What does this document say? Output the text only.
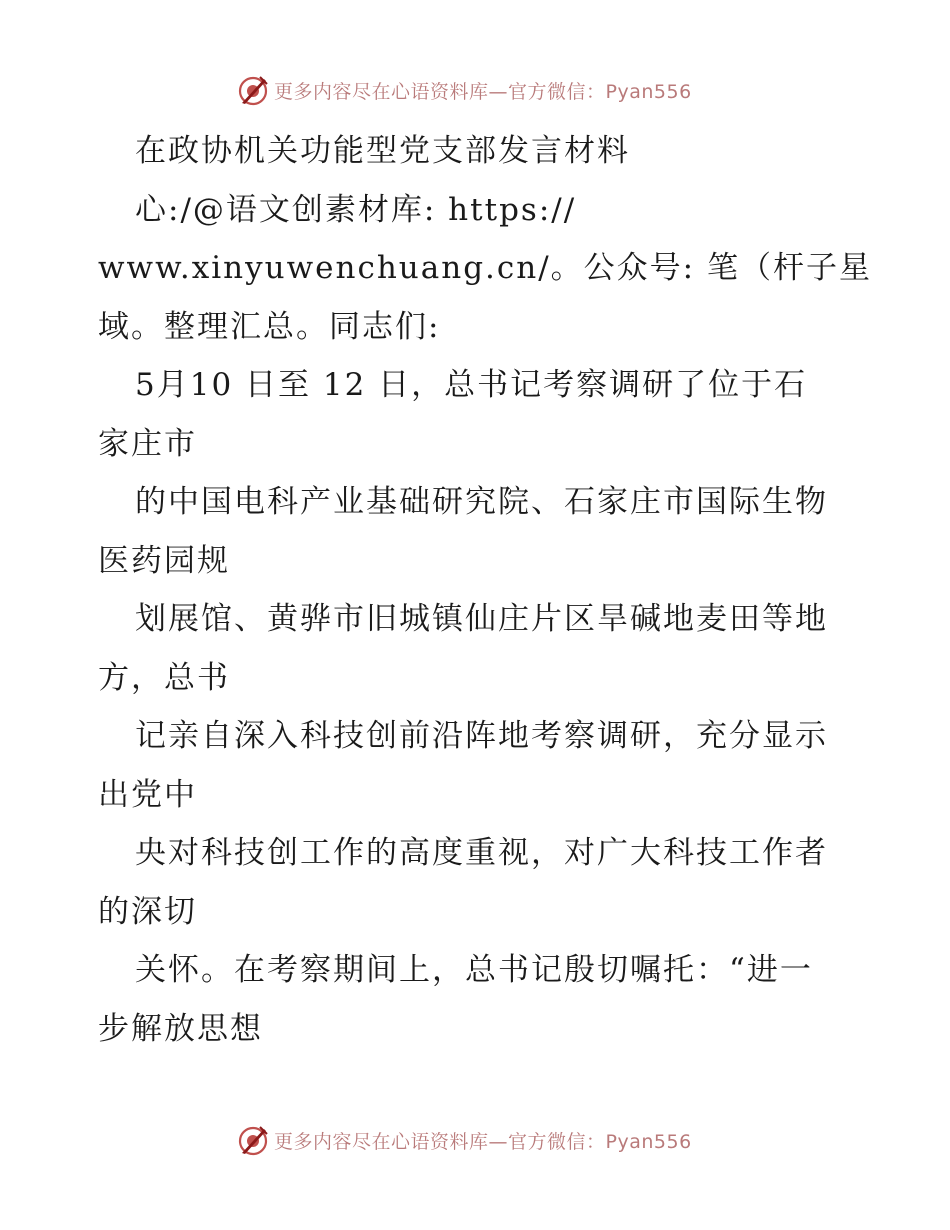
更多内容尽在心语资料库—官方微信：Pyan556
在政协机关功能型党支部发言材料
心:/@语文创素材库: https://
www.xinyuwenchuang.cn/。公众号: 笔（杆子星
域。整理汇总。同志们:
5月10 日至 12 日，总书记考察调研了位于石
家庄市
的中国电科产业基础研究院、石家庄市国际生物
医药园规
划展馆、黄骅市旧城镇仙庄片区旱碱地麦田等地
方，总书
记亲自深入科技创前沿阵地考察调研，充分显示
出党中
央对科技创工作的高度重视，对广大科技工作者
的深切
关怀。在考察期间上，总书记殷切嘱托：“进一
步解放思想
更多内容尽在心语资料库—官方微信：Pyan556
